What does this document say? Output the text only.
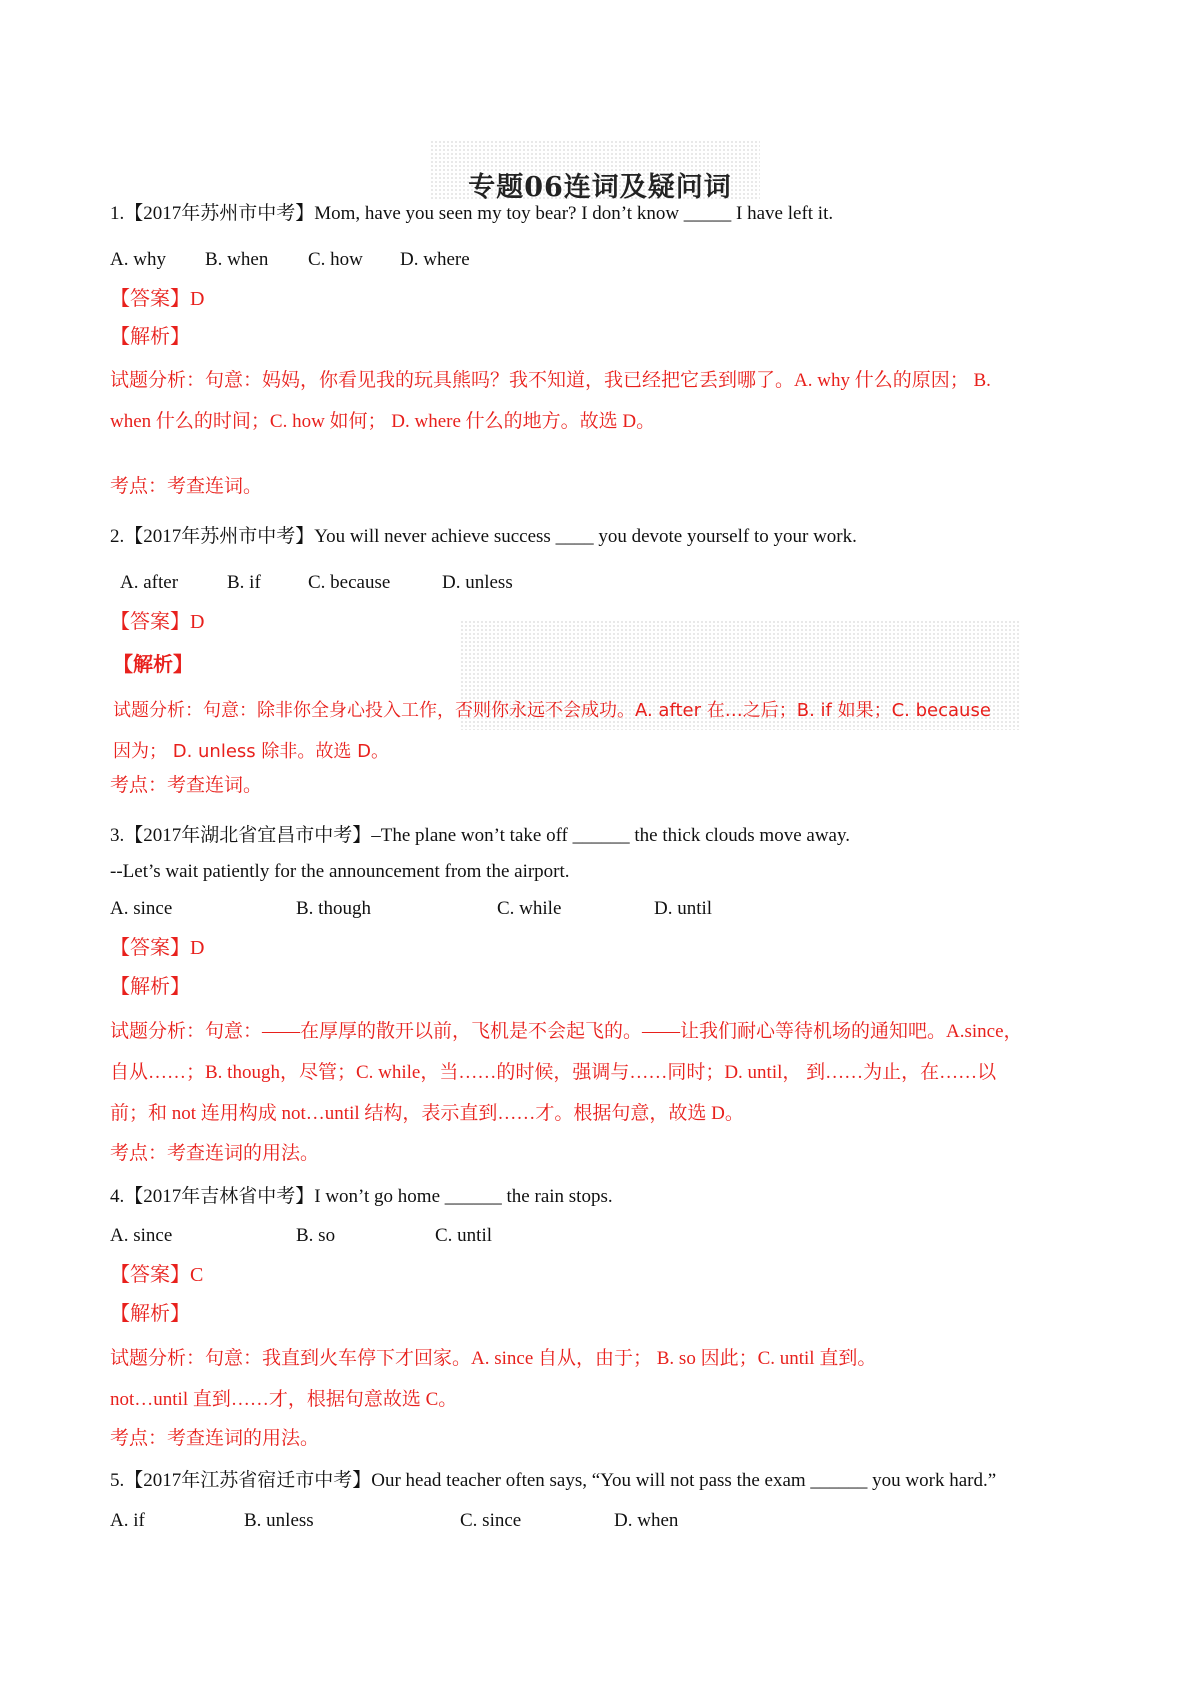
专题06连词及疑问词
1.【2017年苏州市中考】Mom, have you seen my toy bear? I don’t know _____ I have left it.
A. why B. when C. how D. where
【答案】D
【解析】
试题分析：句意：妈妈，你看见我的玩具熊吗？我不知道，我已经把它丢到哪了。A. why 什么的原因； B.
when 什么的时间；C. how 如何； D. where 什么的地方。故选 D。
考点：考查连词。
2.【2017年苏州市中考】You will never achieve success ____ you devote yourself to your work.
A. after	B. if C. because	D. unless
【答案】D
【解析】
试题分析：句意：除非你全身心投入工作，否则你永远不会成功。A. after 在…之后；B. if 如果；C. because
因为； D. unless 除非。故选 D。
考点：考查连词。
3.【2017年湖北省宜昌市中考】–The plane won’t take off ______ the thick clouds move away.
--Let’s wait patiently for the announcement from the airport.
A. since	B. though	C. while	D. until
【答案】D
【解析】
试题分析：句意：——在厚厚的散开以前，飞机是不会起飞的。——让我们耐心等待机场的通知吧。A.since，
自从……；B. though，尽管；C. while，当……的时候，强调与……同时；D. until， 到……为止，在……以
前；和 not 连用构成 not…until 结构，表示直到……才。根据句意，故选 D。
考点：考查连词的用法。
4.【2017年吉林省中考】I won’t go home ______ the rain stops.
A. since	B. so	C. until
【答案】C
【解析】
试题分析：句意：我直到火车停下才回家。A. since 自从，由于； B. so 因此；C. until 直到。
not…until 直到……才，根据句意故选 C。
考点：考查连词的用法。
5.【2017年江苏省宿迁市中考】Our head teacher often says, “You will not pass the exam ______ you work hard.”
A. if	B. unless	C. since	D. when
